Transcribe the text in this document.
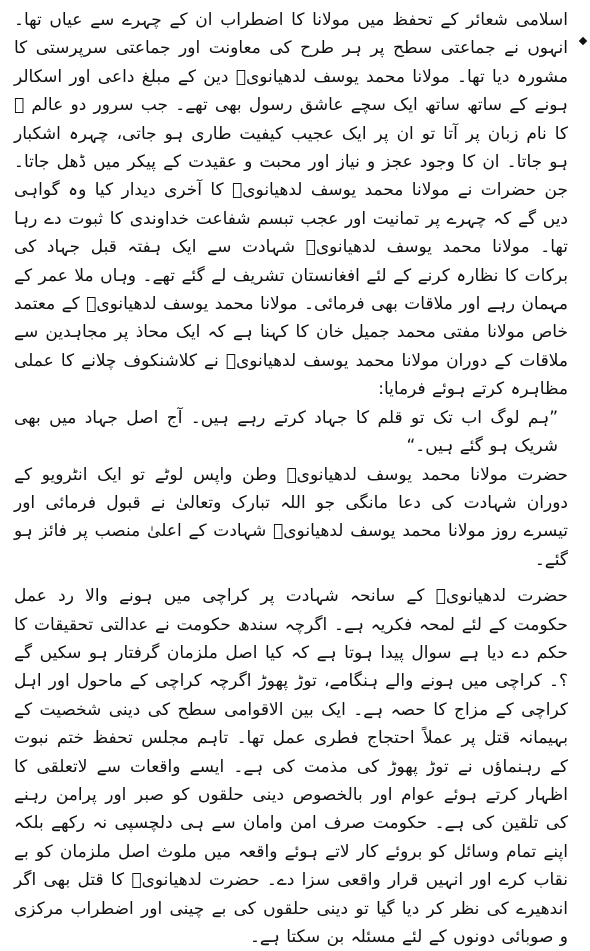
اسلامی شعائر کے تحفظ میں مولانا کا اضطراب ان کے چہرے سے عیاں تھا۔ انہوں نے جماعتی سطح پر ہر طرح کی معاونت اور جماعتی سرپرستی کا مشورہ دیا تھا۔ مولانا محمد یوسف لدھیانویؒ دین کے مبلغ داعی اور اسکالر ہونے کے ساتھ ساتھ ایک سچے عاشق رسول بھی تھے۔ جب سرور دو عالم ﷺ کا نام زبان پر آتا تو ان پر ایک عجیب کیفیت طاری ہو جاتی، چہرہ اشکبار ہو جاتا۔ ان کا وجود عجز و نیاز اور محبت و عقیدت کے پیکر میں ڈھل جاتا۔ جن حضرات نے مولانا محمد یوسف لدھیانویؒ کا آخری دیدار کیا وہ گواہی دیں گے کہ چہرے پر تمانیت اور عجب تبسم شفاعت خداوندی کا ثبوت دے رہا تھا۔ مولانا محمد یوسف لدھیانویؒ شہادت سے ایک ہفتہ قبل جہاد کی برکات کا نظارہ کرنے کے لئے افغانستان تشریف لے گئے تھے۔ وہاں ملا عمر کے مہمان رہے اور ملاقات بھی فرمائی۔ مولانا محمد یوسف لدھیانویؒ کے معتمد خاص مولانا مفتی محمد جمیل خان کا کہنا ہے کہ ایک محاذ پر مجاہدین سے ملاقات کے دوران مولانا محمد یوسف لدھیانویؒ نے کلاشنکوف چلانے کا عملی مظاہرہ کرتے ہوئے فرمایا:

”ہم لوگ اب تک تو قلم کا جہاد کرتے رہے ہیں۔ آج اصل جہاد میں بھی شریک ہو گئے ہیں۔“

حضرت مولانا محمد یوسف لدھیانویؒ وطن واپس لوٹے تو ایک انٹرویو کے دوران شہادت کی دعا مانگی جو اللہ تبارک وتعالیٰ نے قبول فرمائی اور تیسرے روز مولانا محمد یوسف لدھیانویؒ شہادت کے اعلیٰ منصب پر فائز ہو گئے۔

حضرت لدھیانویؒ کے سانحہ شہادت پر کراچی میں ہونے والا رد عمل حکومت کے لئے لمحہ فکریہ ہے۔ اگرچہ سندھ حکومت نے عدالتی تحقیقات کا حکم دے دیا ہے سوال پیدا ہوتا ہے کہ کیا اصل ملزمان گرفتار ہو سکیں گے ؟۔ کراچی میں ہونے والے ہنگامے، توڑ پھوڑ اگرچہ کراچی کے ماحول اور اہل کراچی کے مزاج کا حصہ ہے۔ ایک بین الاقوامی سطح کی دینی شخصیت کے بہیمانہ قتل پر عملاً احتجاج فطری عمل تھا۔ تاہم مجلس تحفظ ختم نبوت کے رہنماؤں نے توڑ پھوڑ کی مذمت کی ہے۔ ایسے واقعات سے لاتعلقی کا اظہار کرتے ہوئے عوام اور بالخصوص دینی حلقوں کو صبر اور پرامن رہنے کی تلقین کی ہے۔ حکومت صرف امن وامان سے ہی دلچسپی نہ رکھے بلکہ اپنے تمام وسائل کو بروئے کار لاتے ہوئے واقعہ میں ملوث اصل ملزمان کو بے نقاب کرے اور انہیں قرار واقعی سزا دے۔ حضرت لدھیانویؒ کا قتل بھی اگر اندھیرے کی نظر کر دیا گیا تو دینی حلقوں کی بے چینی اور اضطراب مرکزی و صوبائی دونوں کے لئے مسئلہ بن سکتا ہے۔
